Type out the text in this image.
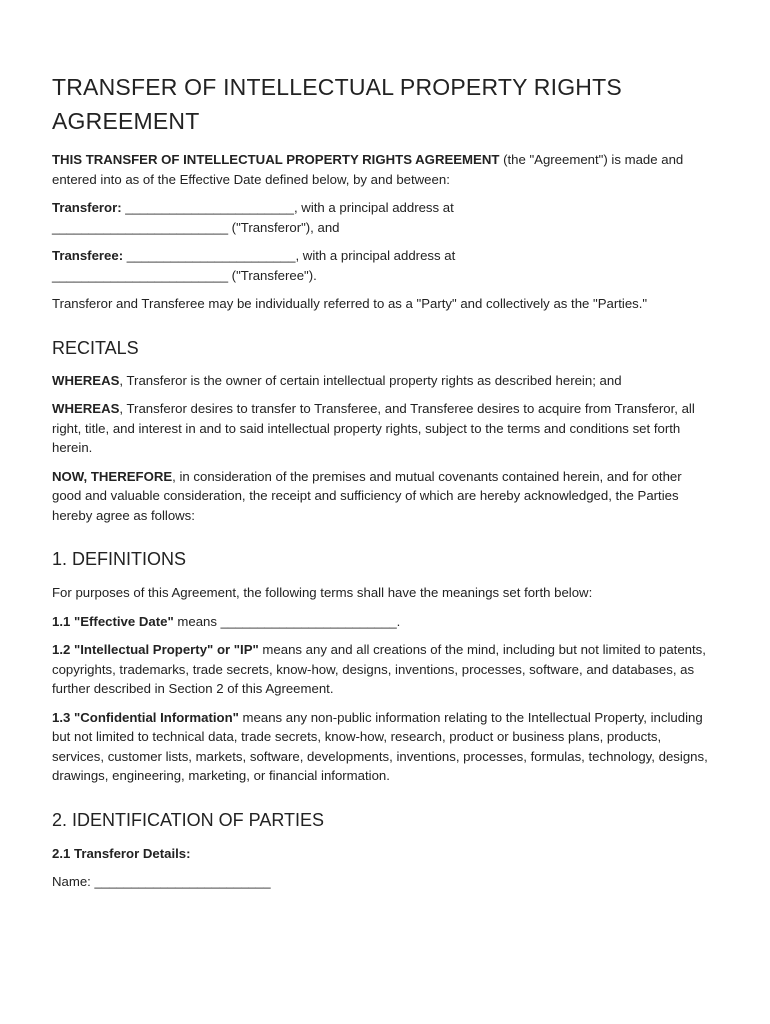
TRANSFER OF INTELLECTUAL PROPERTY RIGHTS AGREEMENT

THIS TRANSFER OF INTELLECTUAL PROPERTY RIGHTS AGREEMENT (the "Agreement") is made and entered into as of the Effective Date defined below, by and between:

Transferor: _______________________, with a principal address at
________________________ ("Transferor"), and

Transferee: _______________________, with a principal address at
________________________ ("Transferee").

Transferor and Transferee may be individually referred to as a "Party" and collectively as the "Parties."

RECITALS

WHEREAS, Transferor is the owner of certain intellectual property rights as described herein; and

WHEREAS, Transferor desires to transfer to Transferee, and Transferee desires to acquire from Transferor, all right, title, and interest in and to said intellectual property rights, subject to the terms and conditions set forth herein.

NOW, THEREFORE, in consideration of the premises and mutual covenants contained herein, and for other good and valuable consideration, the receipt and sufficiency of which are hereby acknowledged, the Parties hereby agree as follows:

1. DEFINITIONS

For purposes of this Agreement, the following terms shall have the meanings set forth below:

1.1 "Effective Date" means ________________________.

1.2 "Intellectual Property" or "IP" means any and all creations of the mind, including but not limited to patents, copyrights, trademarks, trade secrets, know-how, designs, inventions, processes, software, and databases, as further described in Section 2 of this Agreement.

1.3 "Confidential Information" means any non-public information relating to the Intellectual Property, including but not limited to technical data, trade secrets, know-how, research, product or business plans, products, services, customer lists, markets, software, developments, inventions, processes, formulas, technology, designs, drawings, engineering, marketing, or financial information.

2. IDENTIFICATION OF PARTIES

2.1 Transferor Details:

Name: ________________________
